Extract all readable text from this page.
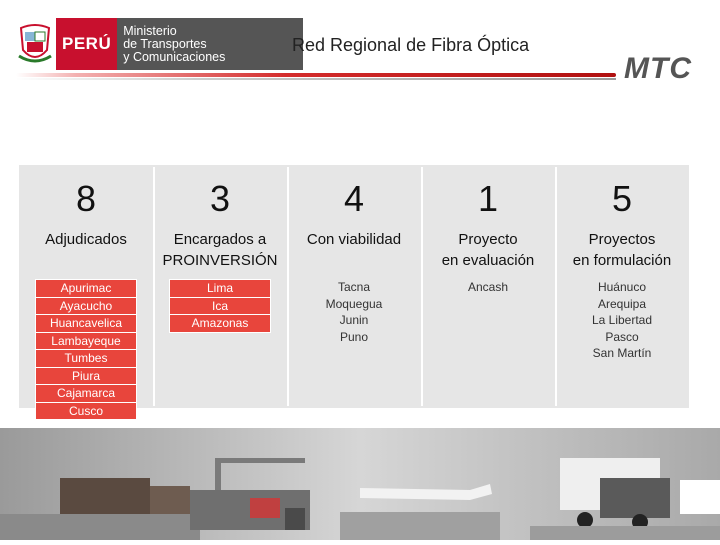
PERÚ
Ministerio
de Transportes
y Comunicaciones
Red Regional de Fibra Óptica
MTC
8
Adjudicados
Apurimac
Ayacucho
Huancavelica
Lambayeque
Tumbes
Piura
Cajamarca
Cusco
3
Encargados a
PROINVERSIÓN
Lima
Ica
Amazonas
4
Con viabilidad
Tacna
Moquegua
Junin
Puno
1
Proyecto
en evaluación
Ancash
5
Proyectos
en formulación
Huánuco
Arequipa
La Libertad
Pasco
San Martín
